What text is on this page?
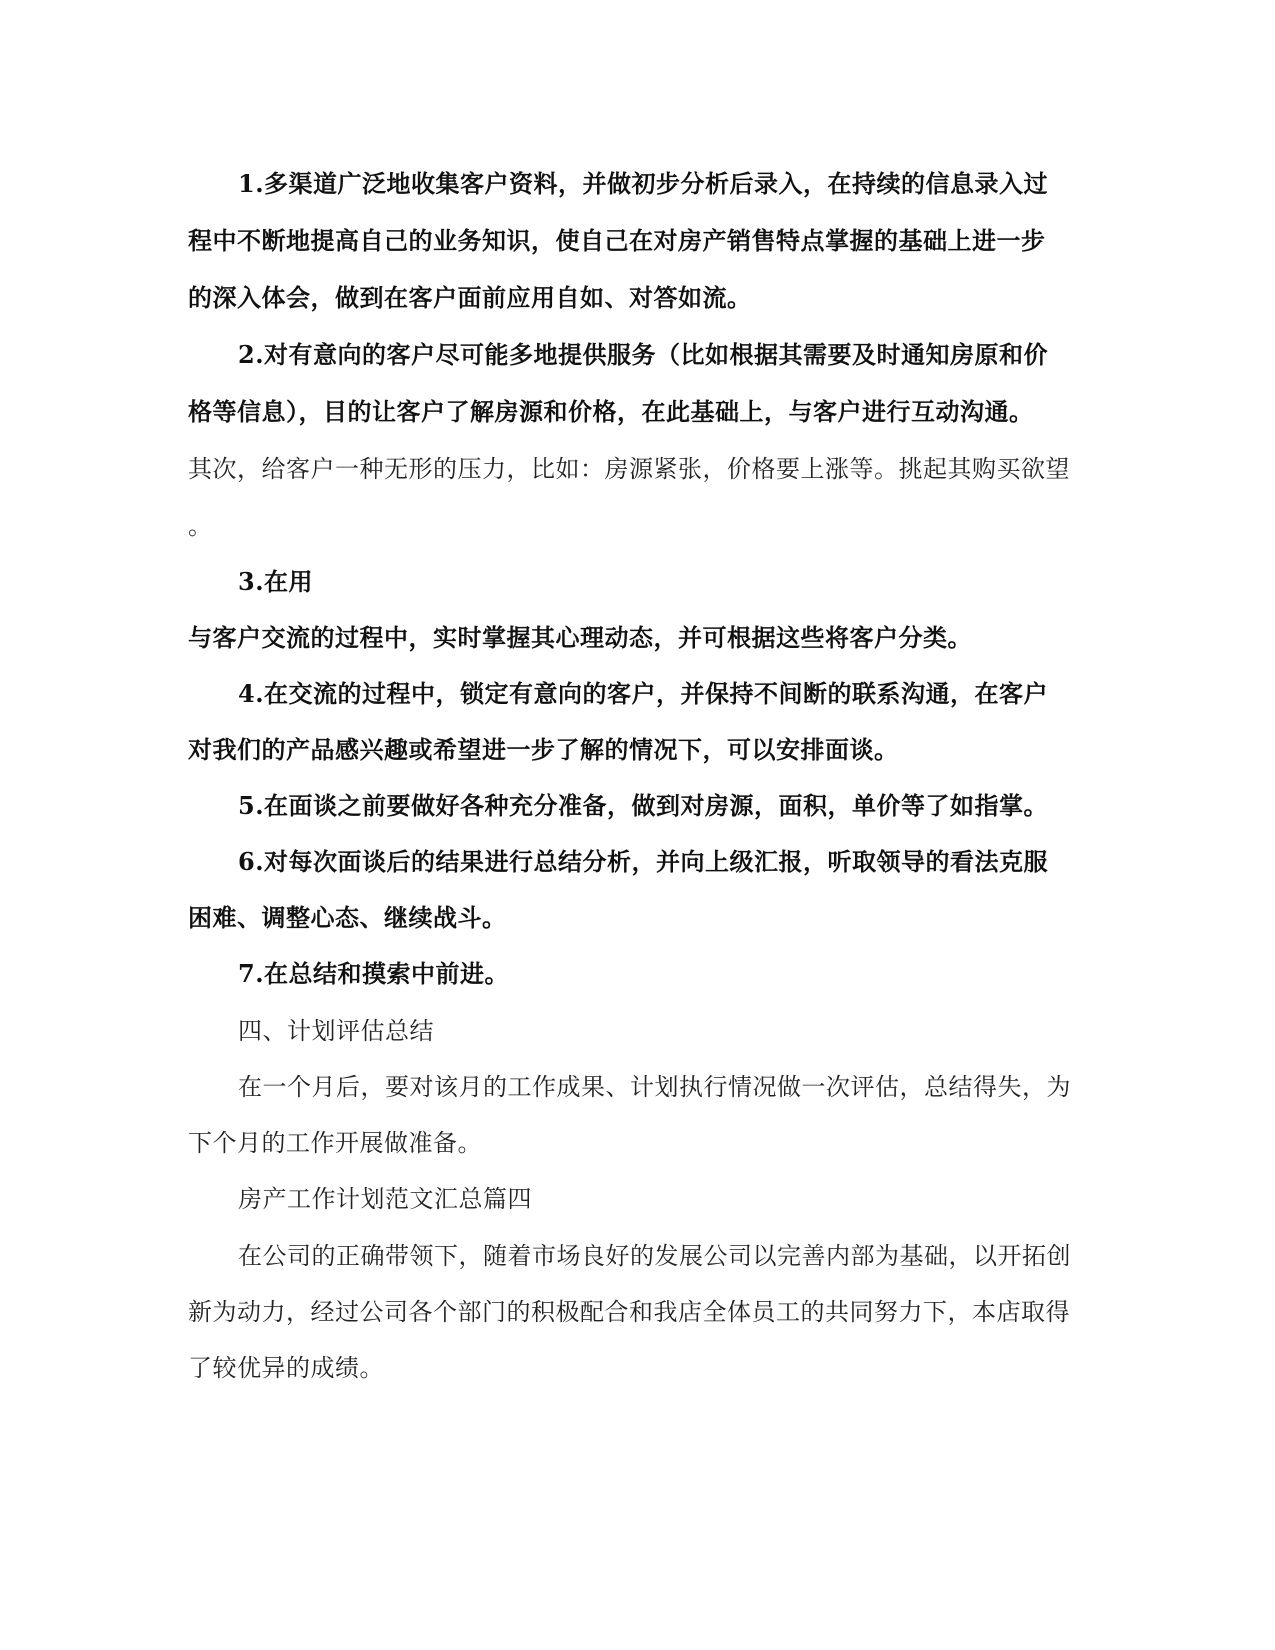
1.多渠道广泛地收集客户资料，并做初步分析后录入，在持续的信息录入过
程中不断地提高自己的业务知识，使自己在对房产销售特点掌握的基础上进一步
的深入体会，做到在客户面前应用自如、对答如流。
2.对有意向的客户尽可能多地提供服务（比如根据其需要及时通知房原和价
格等信息），目的让客户了解房源和价格，在此基础上，与客户进行互动沟通。
其次，给客户一种无形的压力，比如：房源紧张，价格要上涨等。挑起其购买欲望
。
3.在用
与客户交流的过程中，实时掌握其心理动态，并可根据这些将客户分类。
4.在交流的过程中，锁定有意向的客户，并保持不间断的联系沟通，在客户
对我们的产品感兴趣或希望进一步了解的情况下，可以安排面谈。
5.在面谈之前要做好各种充分准备，做到对房源，面积，单价等了如指掌。
6.对每次面谈后的结果进行总结分析，并向上级汇报，听取领导的看法克服
困难、调整心态、继续战斗。
7.在总结和摸索中前进。
四、计划评估总结
在一个月后，要对该月的工作成果、计划执行情况做一次评估，总结得失，为
下个月的工作开展做准备。
房产工作计划范文汇总篇四
在公司的正确带领下，随着市场良好的发展公司以完善内部为基础，以开拓创
新为动力，经过公司各个部门的积极配合和我店全体员工的共同努力下，本店取得
了较优异的成绩。
